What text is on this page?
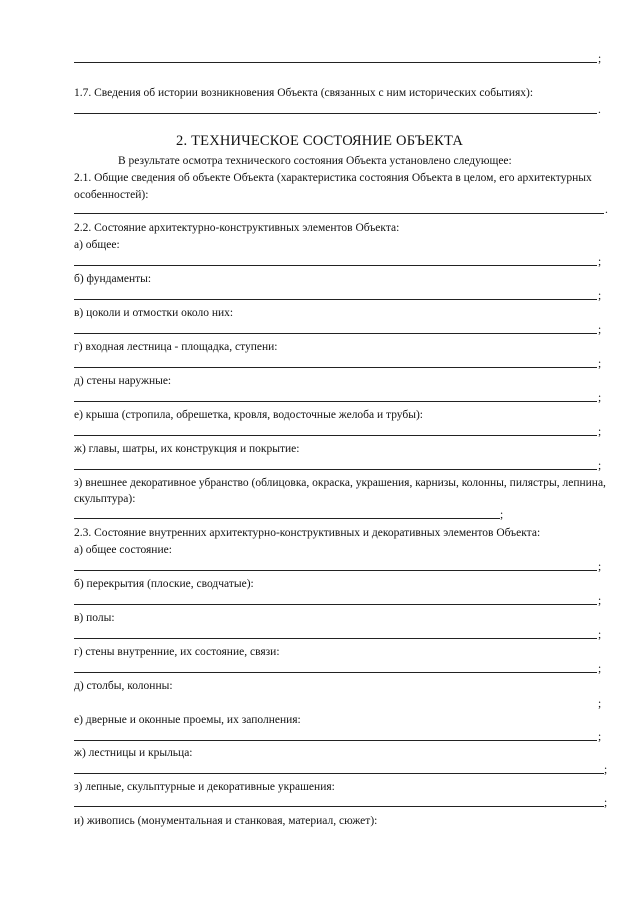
;
1.7. Сведения об истории возникновения Объекта (связанных с ним исторических событиях):
.
2. ТЕХНИЧЕСКОЕ СОСТОЯНИЕ ОБЪЕКТА
В результате осмотра технического состояния Объекта установлено следующее:
2.1. Общие сведения об объекте Объекта (характеристика состояния Объекта в целом, его архитектурных
особенностей):
.
2.2. Состояние архитектурно-конструктивных элементов Объекта:
а) общее:
;
б) фундаменты:
;
в) цоколи и отмостки около них:
;
г) входная лестница - площадка, ступени:
;
д) стены наружные:
;
е) крыша (стропила, обрешетка, кровля, водосточные желоба и трубы):
;
ж) главы, шатры, их конструкция и покрытие:
;
з) внешнее декоративное убранство (облицовка, окраска, украшения, карнизы, колонны, пилястры, лепнина,
скульптура):
;
2.3. Состояние внутренних архитектурно-конструктивных и декоративных элементов Объекта:
а) общее состояние:
;
б) перекрытия (плоские, сводчатые):
;
в) полы:
;
г) стены внутренние, их состояние, связи:
;
д) столбы, колонны:
;
е) дверные и оконные проемы, их заполнения:
;
ж) лестницы и крыльца:
;
з) лепные, скульптурные и декоративные украшения:
;
и) живопись (монументальная и станковая, материал, сюжет):
